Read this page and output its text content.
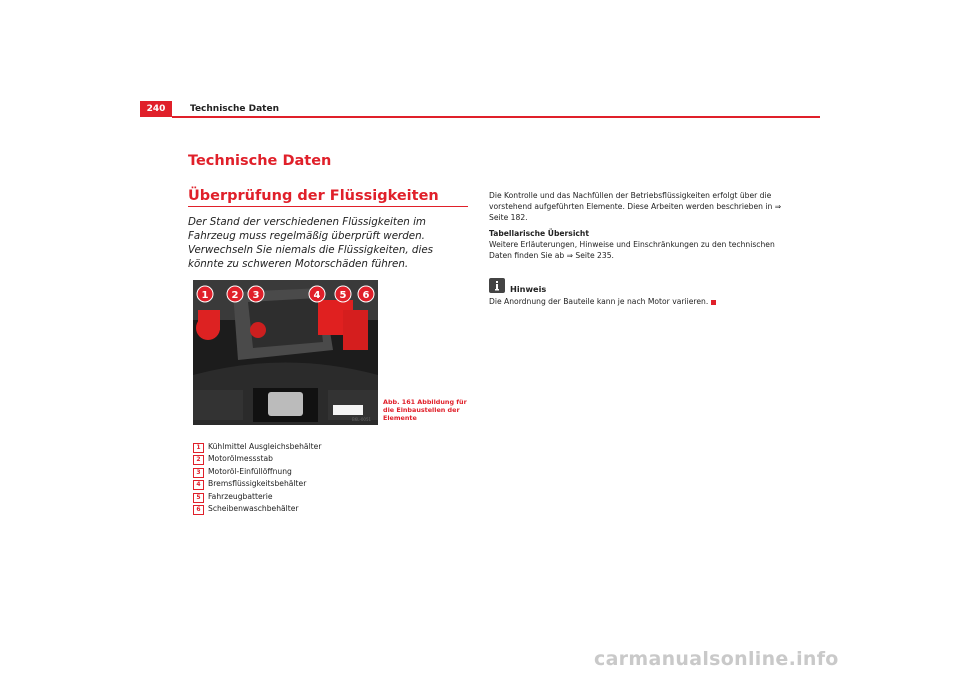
240	Technische Daten
Technische Daten
Überprüfung der Flüssigkeiten
Der Stand der verschiedenen Flüssigkeiten im Fahrzeug muss regelmäßig überprüft werden. Verwechseln Sie niemals die Flüssigkeiten, dies könnte zu schweren Motorschäden führen.
1 2 3	4 5 6
B6L-0051
Abb. 161 Abbildung für die Einbaustellen der Elemente
1 Kühlmittel Ausgleichsbehälter
2 Motorölmessstab
3 Motoröl-Einfüllöffnung
4 Bremsflüssigkeitsbehälter
5 Fahrzeugbatterie
6 Scheibenwaschbehälter

Die Kontrolle und das Nachfüllen der Betriebsflüssigkeiten erfolgt über die vorstehend aufgeführten Elemente. Diese Arbeiten werden beschrieben in ⇒ Seite 182.

Tabellarische Übersicht

Weitere Erläuterungen, Hinweise und Einschränkungen zu den technischen Daten finden Sie ab ⇒ Seite 235.

Hinweis
Die Anordnung der Bauteile kann je nach Motor variieren.
carmanualsonline.info
